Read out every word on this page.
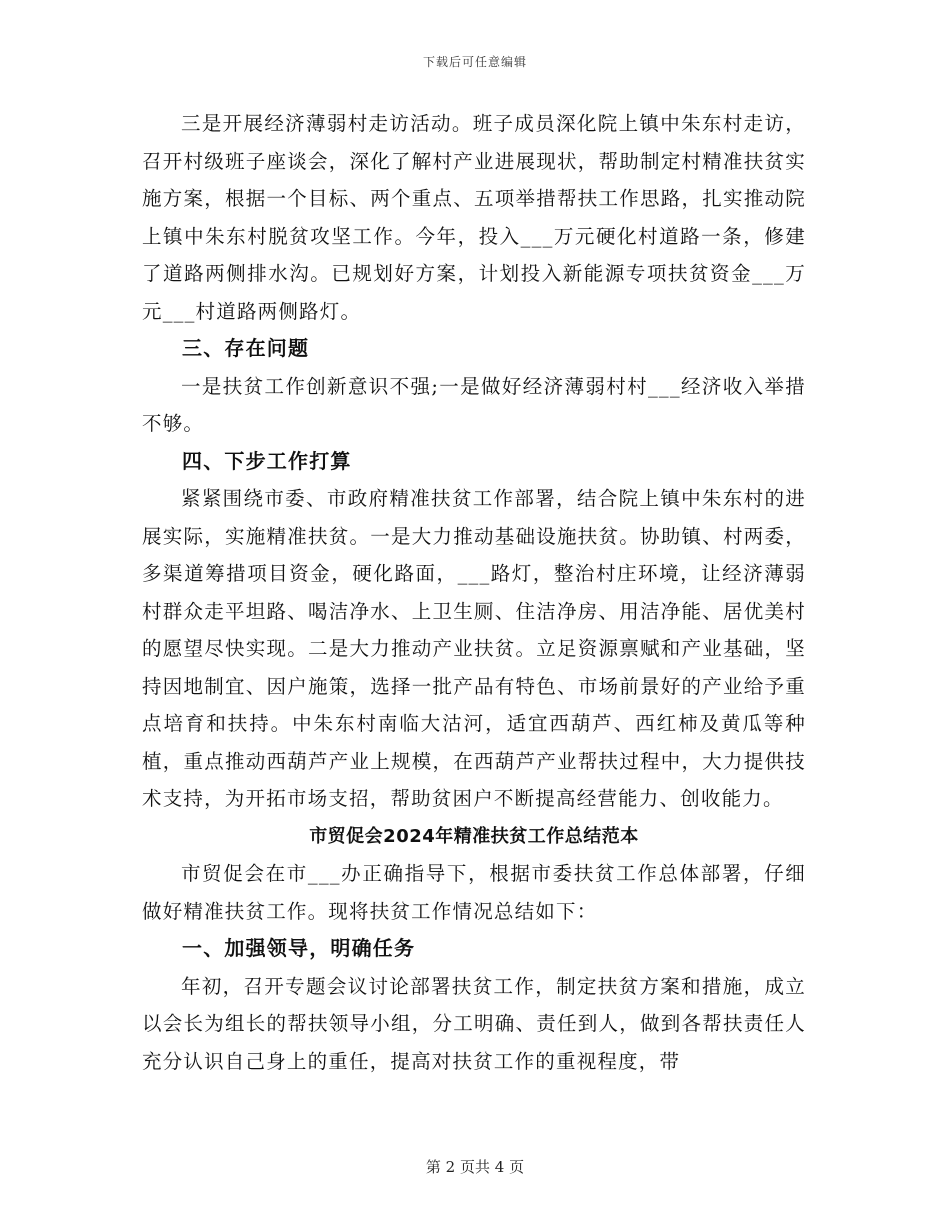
下载后可任意编辑

三是开展经济薄弱村走访活动。班子成员深化院上镇中朱东村走访，召开村级班子座谈会，深化了解村产业进展现状，帮助制定村精准扶贫实施方案，根据一个目标、两个重点、五项举措帮扶工作思路，扎实推动院上镇中朱东村脱贫攻坚工作。今年，投入___万元硬化村道路一条，修建了道路两侧排水沟。已规划好方案，计划投入新能源专项扶贫资金___万元___村道路两侧路灯。

三、存在问题

一是扶贫工作创新意识不强;一是做好经济薄弱村村___经济收入举措不够。

四、下步工作打算

紧紧围绕市委、市政府精准扶贫工作部署，结合院上镇中朱东村的进展实际，实施精准扶贫。一是大力推动基础设施扶贫。协助镇、村两委，多渠道筹措项目资金，硬化路面，___路灯，整治村庄环境，让经济薄弱村群众走平坦路、喝洁净水、上卫生厕、住洁净房、用洁净能、居优美村的愿望尽快实现。二是大力推动产业扶贫。立足资源禀赋和产业基础，坚持因地制宜、因户施策，选择一批产品有特色、市场前景好的产业给予重点培育和扶持。中朱东村南临大沽河，适宜西葫芦、西红柿及黄瓜等种植，重点推动西葫芦产业上规模，在西葫芦产业帮扶过程中，大力提供技术支持，为开拓市场支招，帮助贫困户不断提高经营能力、创收能力。

市贸促会2024年精准扶贫工作总结范本

市贸促会在市___办正确指导下，根据市委扶贫工作总体部署，仔细做好精准扶贫工作。现将扶贫工作情况总结如下：

一、加强领导，明确任务

年初，召开专题会议讨论部署扶贫工作，制定扶贫方案和措施，成立以会长为组长的帮扶领导小组，分工明确、责任到人，做到各帮扶责任人充分认识自己身上的重任，提高对扶贫工作的重视程度，带

第 2 页共 4 页
